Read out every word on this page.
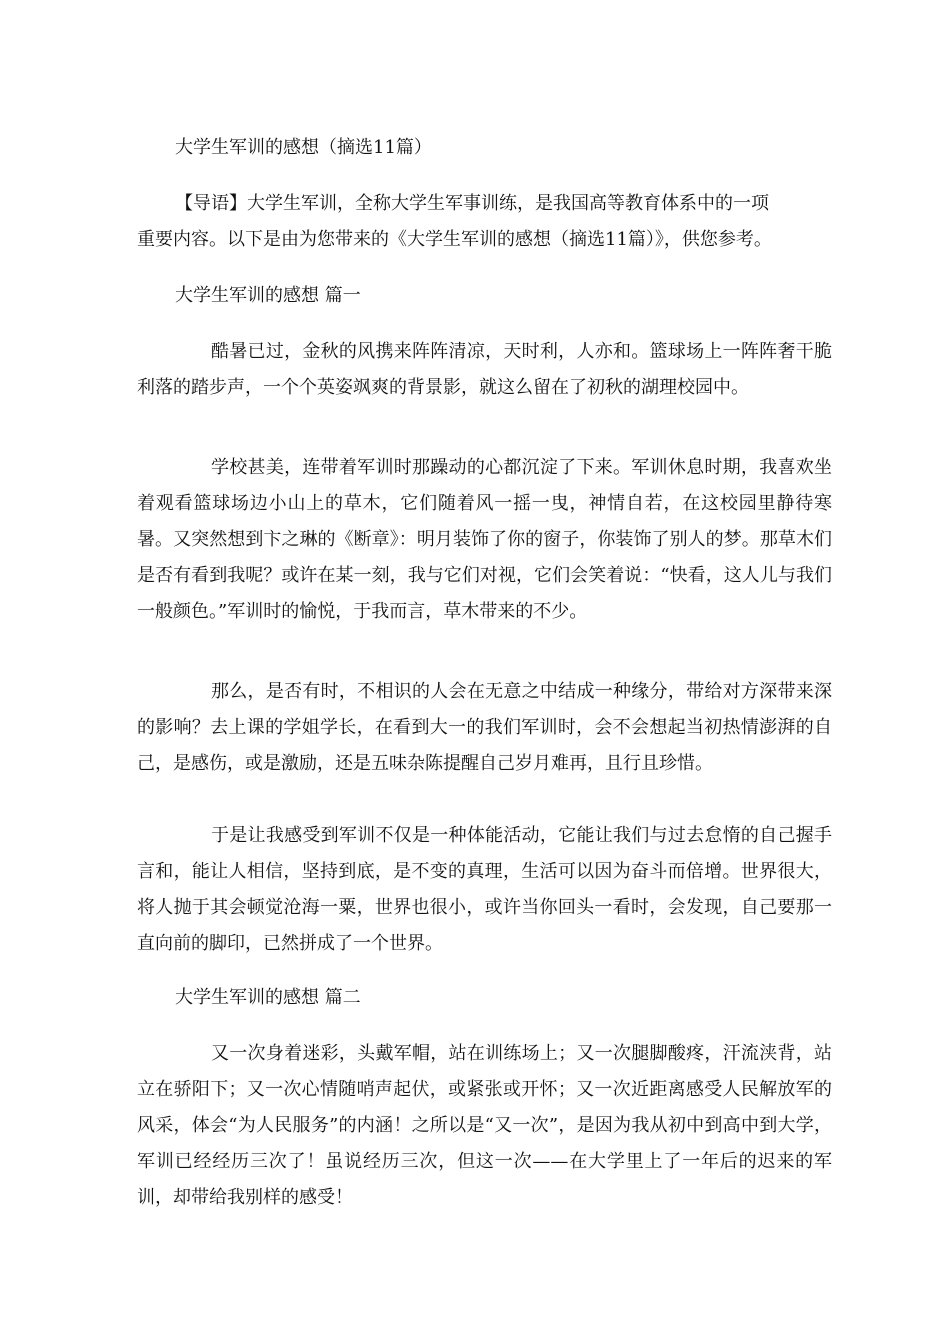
大学生军训的感想（摘选11篇）
【导语】大学生军训，全称大学生军事训练，是我国高等教育体系中的一项
重要内容。以下是由为您带来的《大学生军训的感想（摘选11篇）》，供您参考。
大学生军训的感想 篇一
酷暑已过，金秋的风携来阵阵清凉，天时利，人亦和。篮球场上一阵阵奢干脆利落的踏步声，一个个英姿飒爽的背景影，就这么留在了初秋的湖理校园中。
学校甚美，连带着军训时那躁动的心都沉淀了下来。军训休息时期，我喜欢坐着观看篮球场边小山上的草木，它们随着风一摇一曳，神情自若，在这校园里静待寒暑。又突然想到卞之琳的《断章》：明月装饰了你的窗子，你装饰了别人的梦。那草木们是否有看到我呢？或许在某一刻，我与它们对视，它们会笑着说：“快看，这人儿与我们一般颜色。”军训时的愉悦，于我而言，草木带来的不少。
那么，是否有时，不相识的人会在无意之中结成一种缘分，带给对方深带来深的影响？去上课的学姐学长，在看到大一的我们军训时，会不会想起当初热情澎湃的自己，是感伤，或是激励，还是五味杂陈提醒自己岁月难再，且行且珍惜。
于是让我感受到军训不仅是一种体能活动，它能让我们与过去怠惰的自己握手言和，能让人相信，坚持到底，是不变的真理，生活可以因为奋斗而倍增。世界很大，将人抛于其会顿觉沧海一粟，世界也很小，或许当你回头一看时，会发现，自己要那一直向前的脚印，已然拼成了一个世界。
大学生军训的感想 篇二
又一次身着迷彩，头戴军帽，站在训练场上；又一次腿脚酸疼，汗流浃背，站立在骄阳下；又一次心情随哨声起伏，或紧张或开怀；又一次近距离感受人民解放军的风采，体会“为人民服务”的内涵！之所以是“又一次”，是因为我从初中到高中到大学，军训已经经历三次了！虽说经历三次，但这一次——在大学里上了一年后的迟来的军训，却带给我别样的感受！
